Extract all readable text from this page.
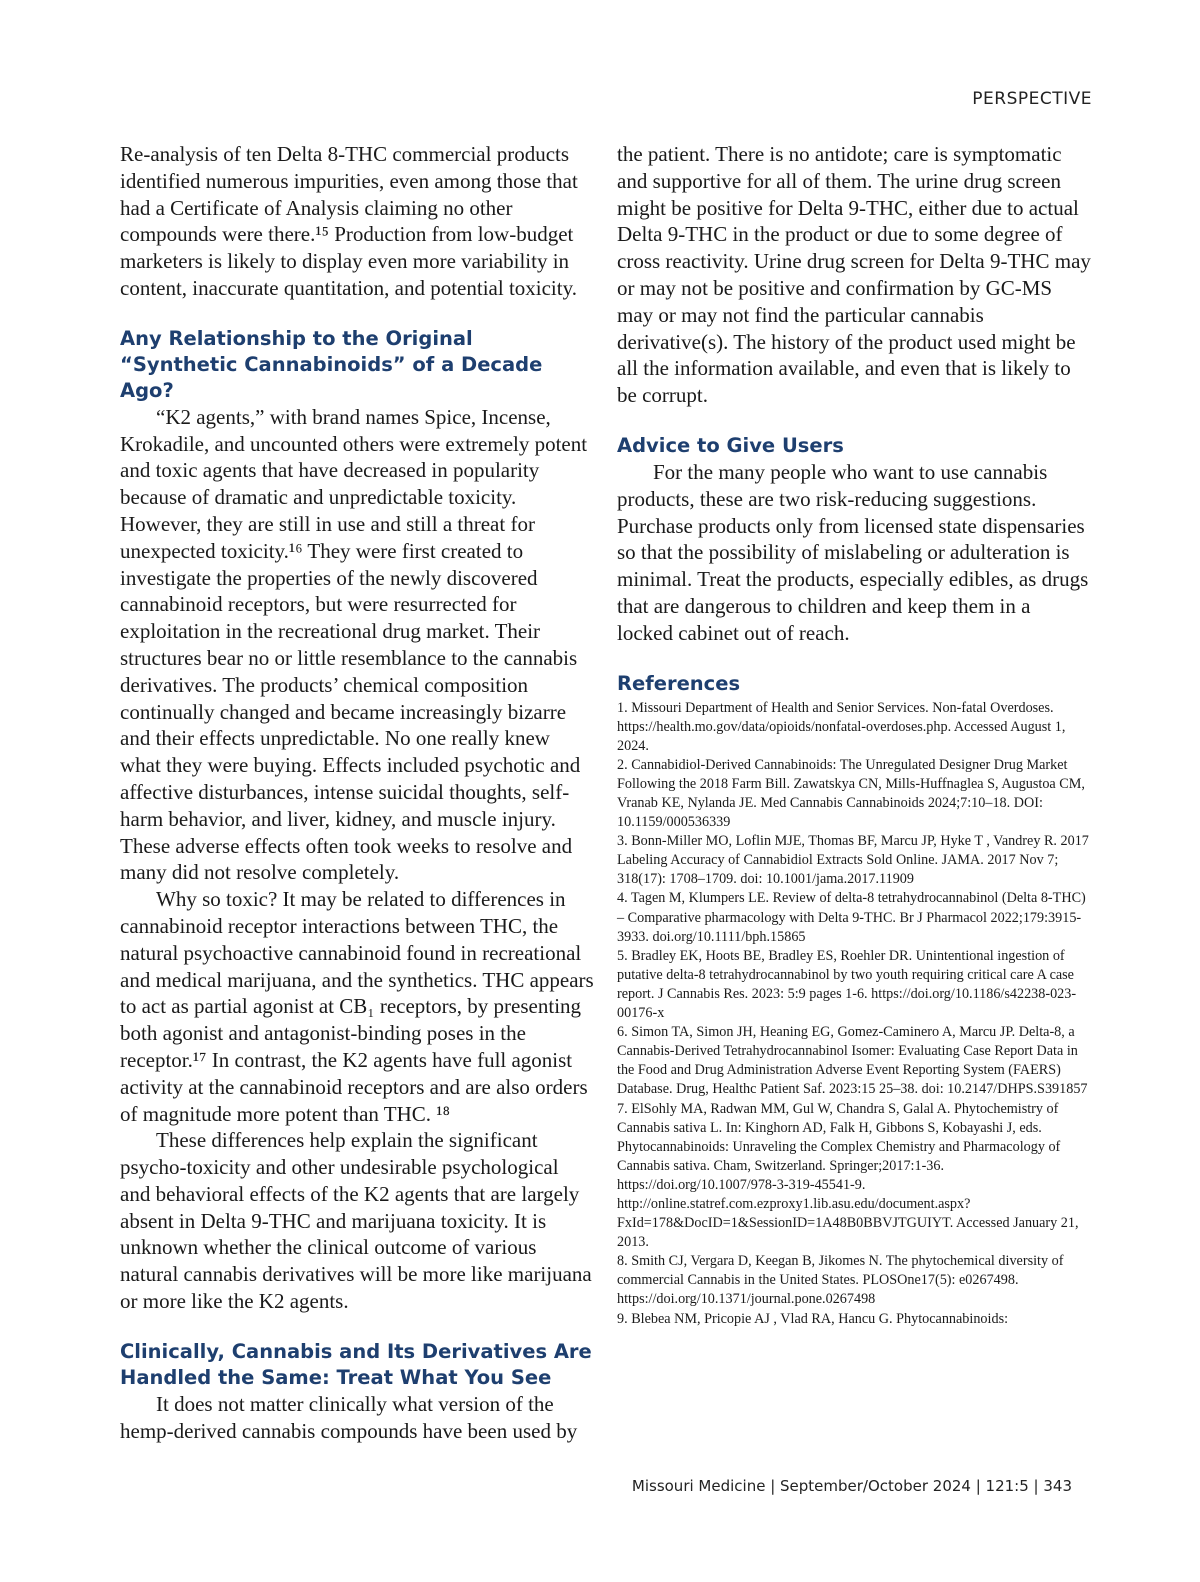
PERSPECTIVE

Re-analysis of ten Delta 8-THC commercial products identified numerous impurities, even among those that had a Certificate of Analysis claiming no other compounds were there.¹⁵ Production from low-budget marketers is likely to display even more variability in content, inaccurate quantitation, and potential toxicity.

Any Relationship to the Original “Synthetic Cannabinoids” of a Decade Ago?

“K2 agents,” with brand names Spice, Incense, Krokadile, and uncounted others were extremely potent and toxic agents that have decreased in popularity because of dramatic and unpredictable toxicity. However, they are still in use and still a threat for unexpected toxicity.¹⁶ They were first created to investigate the properties of the newly discovered cannabinoid receptors, but were resurrected for exploitation in the recreational drug market. Their structures bear no or little resemblance to the cannabis derivatives. The products’ chemical composition continually changed and became increasingly bizarre and their effects unpredictable. No one really knew what they were buying. Effects included psychotic and affective disturbances, intense suicidal thoughts, self-harm behavior, and liver, kidney, and muscle injury. These adverse effects often took weeks to resolve and many did not resolve completely.

Why so toxic? It may be related to differences in cannabinoid receptor interactions between THC, the natural psychoactive cannabinoid found in recreational and medical marijuana, and the synthetics. THC appears to act as partial agonist at CB₁ receptors, by presenting both agonist and antagonist-binding poses in the receptor.¹⁷ In contrast, the K2 agents have full agonist activity at the cannabinoid receptors and are also orders of magnitude more potent than THC. ¹⁸

These differences help explain the significant psycho-toxicity and other undesirable psychological and behavioral effects of the K2 agents that are largely absent in Delta 9-THC and marijuana toxicity. It is unknown whether the clinical outcome of various natural cannabis derivatives will be more like marijuana or more like the K2 agents.

Clinically, Cannabis and Its Derivatives Are Handled the Same: Treat What You See

It does not matter clinically what version of the hemp-derived cannabis compounds have been used by

the patient. There is no antidote; care is symptomatic and supportive for all of them. The urine drug screen might be positive for Delta 9-THC, either due to actual Delta 9-THC in the product or due to some degree of cross reactivity. Urine drug screen for Delta 9-THC may or may not be positive and confirmation by GC-MS may or may not find the particular cannabis derivative(s). The history of the product used might be all the information available, and even that is likely to be corrupt.

Advice to Give Users

For the many people who want to use cannabis products, these are two risk-reducing suggestions. Purchase products only from licensed state dispensaries so that the possibility of mislabeling or adulteration is minimal. Treat the products, especially edibles, as drugs that are dangerous to children and keep them in a locked cabinet out of reach.

References

1. Missouri Department of Health and Senior Services. Non-fatal Overdoses. https://health.mo.gov/data/opioids/nonfatal-overdoses.php. Accessed August 1, 2024.

2. Cannabidiol-Derived Cannabinoids: The Unregulated Designer Drug Market

Following the 2018 Farm Bill. Zawatskya CN, Mills-Huffnaglea S, Augustoa CM, Vranab KE, Nylanda JE. Med Cannabis Cannabinoids 2024;7:10–18. DOI: 10.1159/000536339

3. Bonn-Miller MO, Loflin MJE, Thomas BF, Marcu JP, Hyke T , Vandrey R. 2017 Labeling Accuracy of Cannabidiol Extracts Sold Online. JAMA. 2017 Nov 7; 318(17): 1708–1709. doi: 10.1001/jama.2017.11909

4. Tagen M, Klumpers LE. Review of delta-8 tetrahydrocannabinol (Delta 8-THC) – Comparative pharmacology with Delta 9-THC. Br J Pharmacol 2022;179:3915-3933. doi.org/10.1111/bph.15865

5. Bradley EK, Hoots BE, Bradley ES, Roehler DR. Unintentional ingestion of putative delta-8 tetrahydrocannabinol by two youth requiring critical care A case report. J Cannabis Res. 2023: 5:9 pages 1-6. https://doi.org/10.1186/s42238-023-00176-x

6. Simon TA, Simon JH, Heaning EG, Gomez-Caminero A, Marcu JP. Delta-8, a Cannabis-Derived Tetrahydrocannabinol Isomer: Evaluating Case Report Data in the Food and Drug Administration Adverse Event Reporting System (FAERS) Database. Drug, Healthc Patient Saf. 2023:15 25–38. doi: 10.2147/DHPS.S391857

7. ElSohly MA, Radwan MM, Gul W, Chandra S, Galal A. Phytochemistry of Cannabis sativa L. In: Kinghorn AD, Falk H, Gibbons S, Kobayashi J, eds. Phytocannabinoids: Unraveling the Complex Chemistry and Pharmacology of Cannabis sativa. Cham, Switzerland. Springer;2017:1-36. https://doi.org/10.1007/978-3-319-45541-9.

http://online.statref.com.ezproxy1.lib.asu.edu/document.aspx?FxId=178&DocID=1&SessionID=1A48B0BBVJTGUIYT. Accessed January 21, 2013.

8. Smith CJ, Vergara D, Keegan B, Jikomes N. The phytochemical diversity of commercial Cannabis in the United States. PLOSOne17(5): e0267498. https://doi.org/10.1371/journal.pone.0267498

9. Blebea NM, Pricopie AJ , Vlad RA, Hancu G. Phytocannabinoids:

Missouri Medicine | September/October 2024 | 121:5 | 343
